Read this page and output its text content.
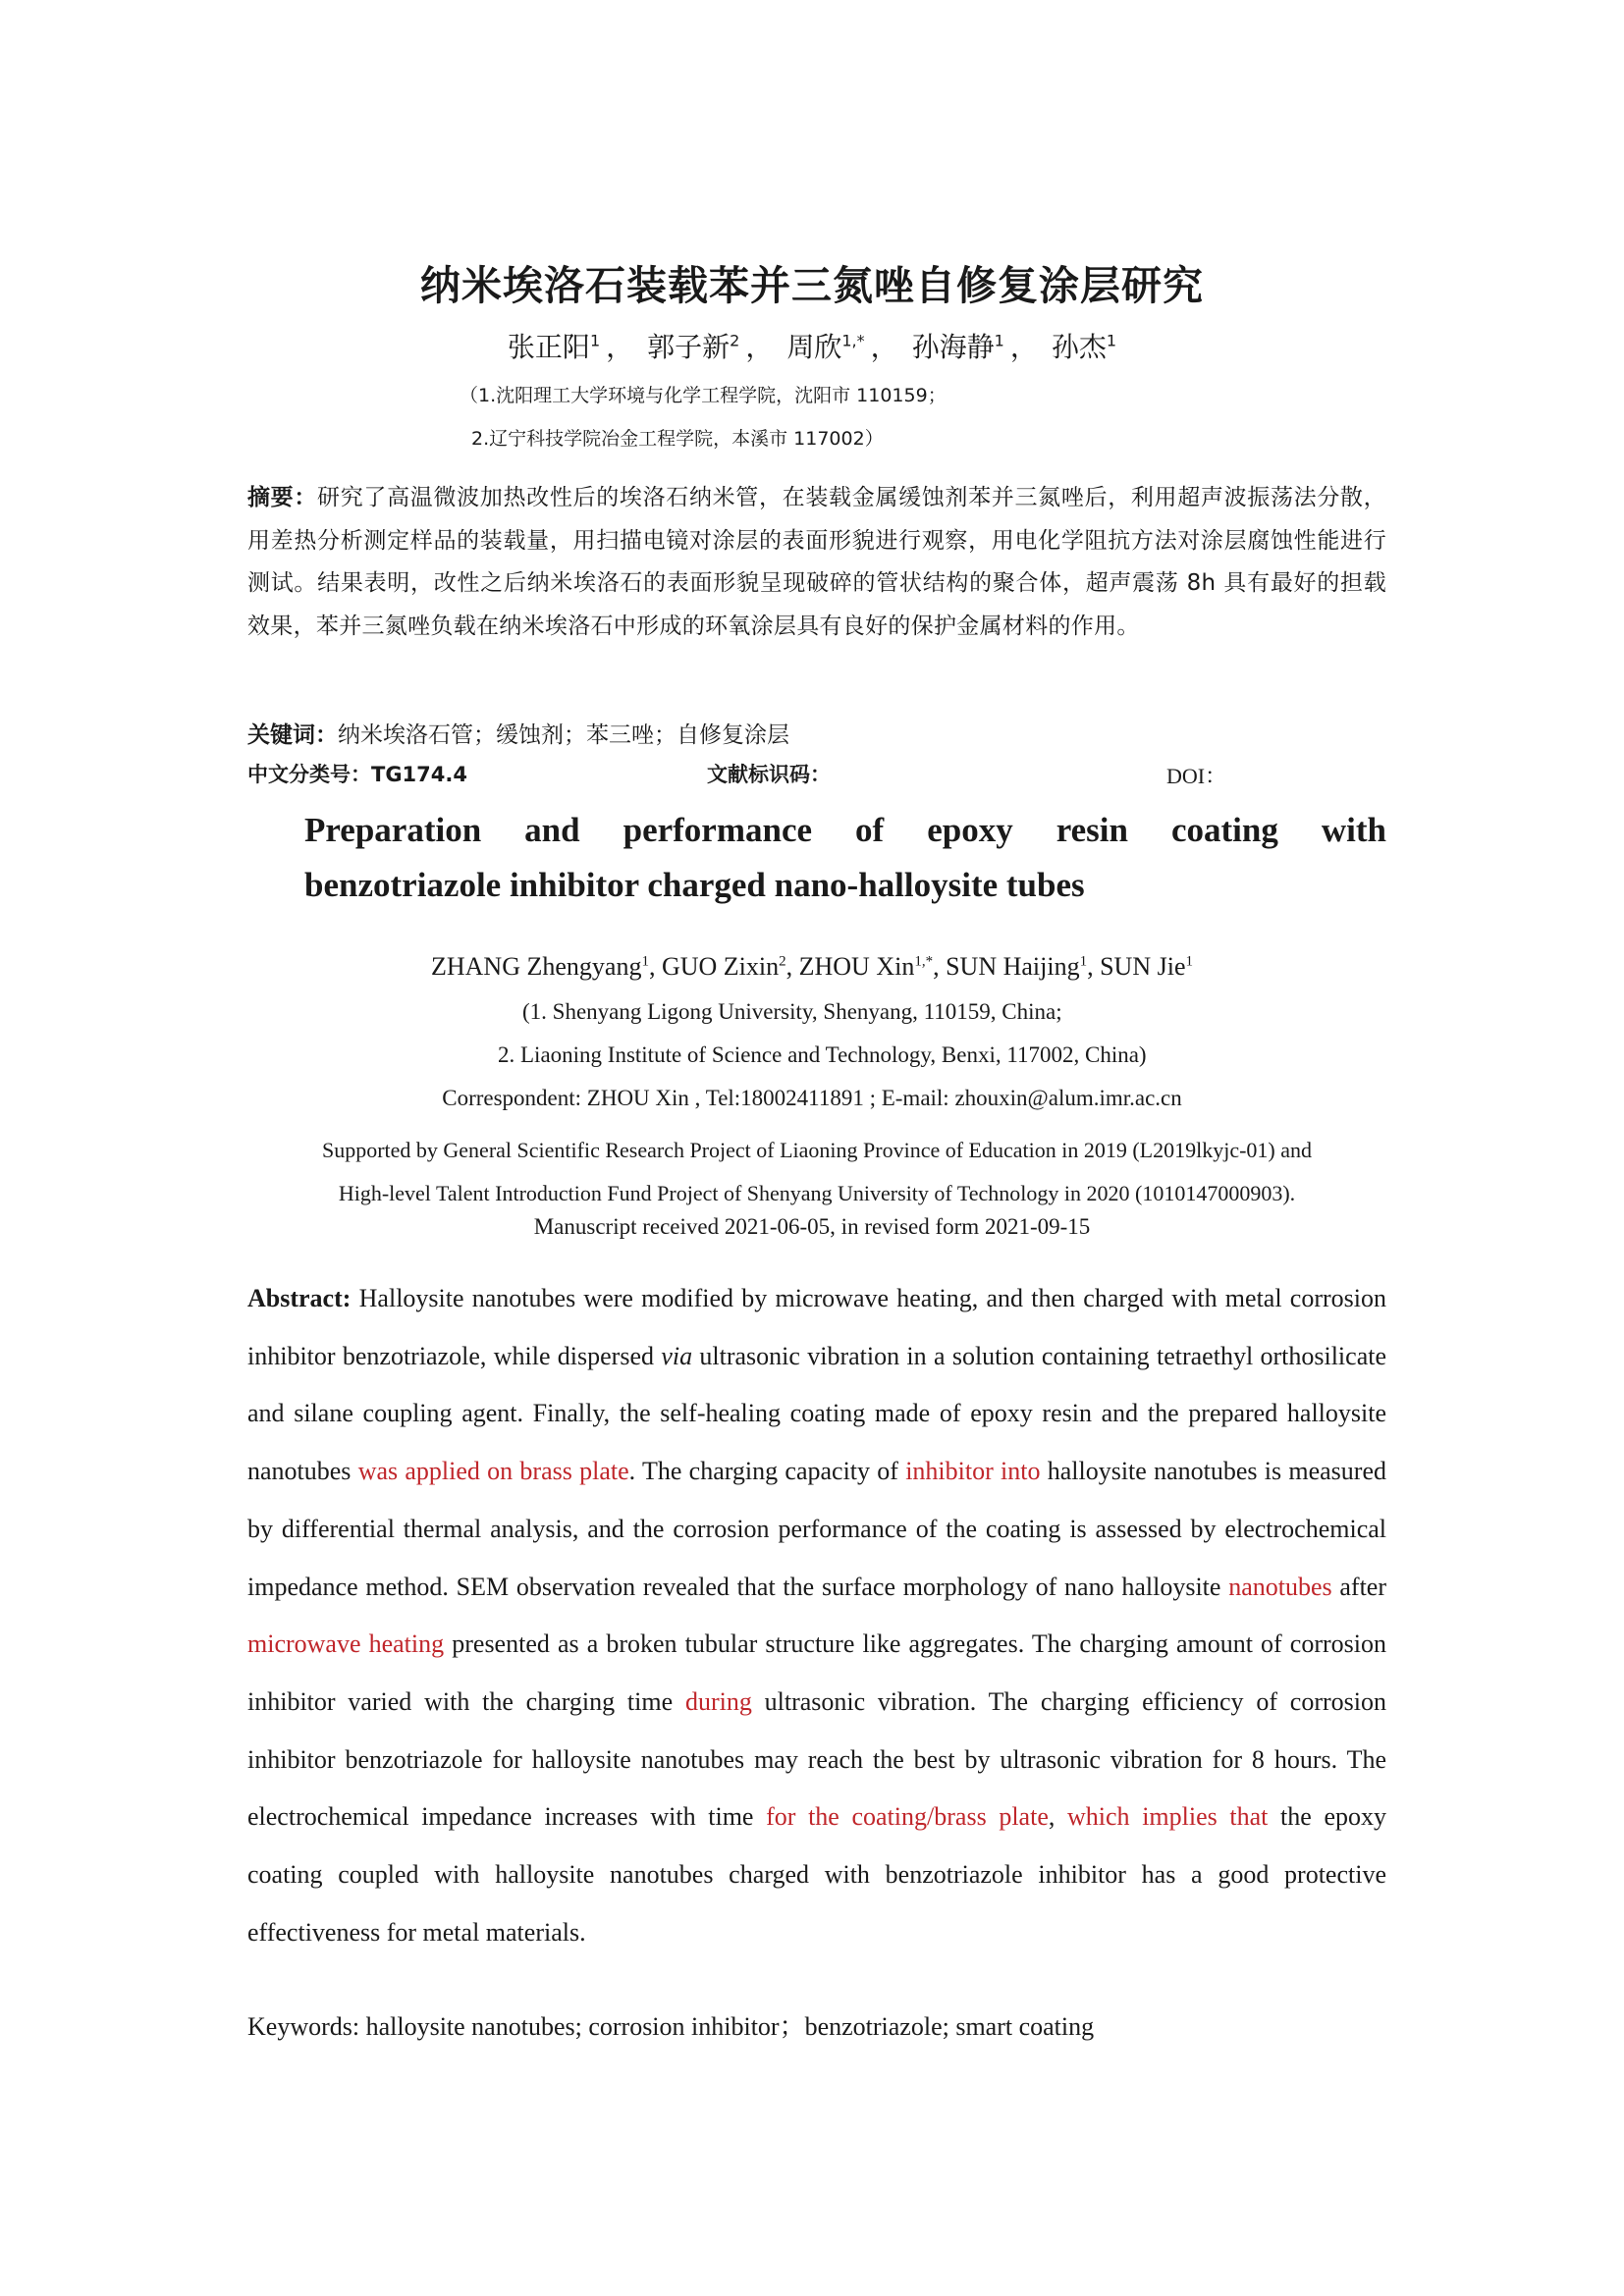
纳米埃洛石装载苯并三氮唑自修复涂层研究
张正阳$^1$ ， 郭子新$^2$ ， 周欣$^{1,*}$ ， 孙海静$^1$ ， 孙杰$^1$
（1.沈阳理工大学环境与化学工程学院，沈阳市 110159；
2.辽宁科技学院冶金工程学院，本溪市 117002）
摘要：研究了高温微波加热改性后的埃洛石纳米管，在装载金属缓蚀剂苯并三氮唑后，利用超声波振荡法分散，用差热分析测定样品的装载量，用扫描电镜对涂层的表面形貌进行观察，用电化学阻抗方法对涂层腐蚀性能进行测试。结果表明，改性之后纳米埃洛石的表面形貌呈现破碎的管状结构的聚合体，超声震荡 8h 具有最好的担载效果，苯并三氮唑负载在纳米埃洛石中形成的环氧涂层具有良好的保护金属材料的作用。
关键词：纳米埃洛石管；缓蚀剂；苯三唑；自修复涂层
中文分类号：TG174.4	文献标识码：	DOI：
Preparation and performance of epoxy resin coating with
benzotriazole inhibitor charged nano-halloysite tubes
ZHANG Zhengyang$^1$, GUO Zixin$^2$, ZHOU Xin$^{1,*}$, SUN Haijing$^1$, SUN Jie$^1$
(1. Shenyang Ligong University, Shenyang, 110159, China;
2. Liaoning Institute of Science and Technology, Benxi, 117002, China)
Correspondent: ZHOU Xin , Tel:18002411891 ; E-mail: zhouxin@alum.imr.ac.cn
Supported by General Scientific Research Project of Liaoning Province of Education in 2019 (L2019lkyjc-01) and
High-level Talent Introduction Fund Project of Shenyang University of Technology in 2020 (1010147000903).
Manuscript received 2021-06-05, in revised form 2021-09-15
Abstract: Halloysite nanotubes were modified by microwave heating, and then charged with metal corrosion inhibitor benzotriazole, while dispersed via ultrasonic vibration in a solution containing tetraethyl orthosilicate and silane coupling agent. Finally, the self-healing coating made of epoxy resin and the prepared halloysite nanotubes was applied on brass plate. The charging capacity of inhibitor into halloysite nanotubes is measured by differential thermal analysis, and the corrosion performance of the coating is assessed by electrochemical impedance method. SEM observation revealed that the surface morphology of nano halloysite nanotubes after microwave heating presented as a broken tubular structure like aggregates. The charging amount of corrosion inhibitor varied with the charging time during ultrasonic vibration. The charging efficiency of corrosion inhibitor benzotriazole for halloysite nanotubes may reach the best by ultrasonic vibration for 8 hours. The electrochemical impedance increases with time for the coating/brass plate, which implies that the epoxy coating coupled with halloysite nanotubes charged with benzotriazole inhibitor has a good protective effectiveness for metal materials.
Keywords: halloysite nanotubes; corrosion inhibitor；benzotriazole; smart coating
